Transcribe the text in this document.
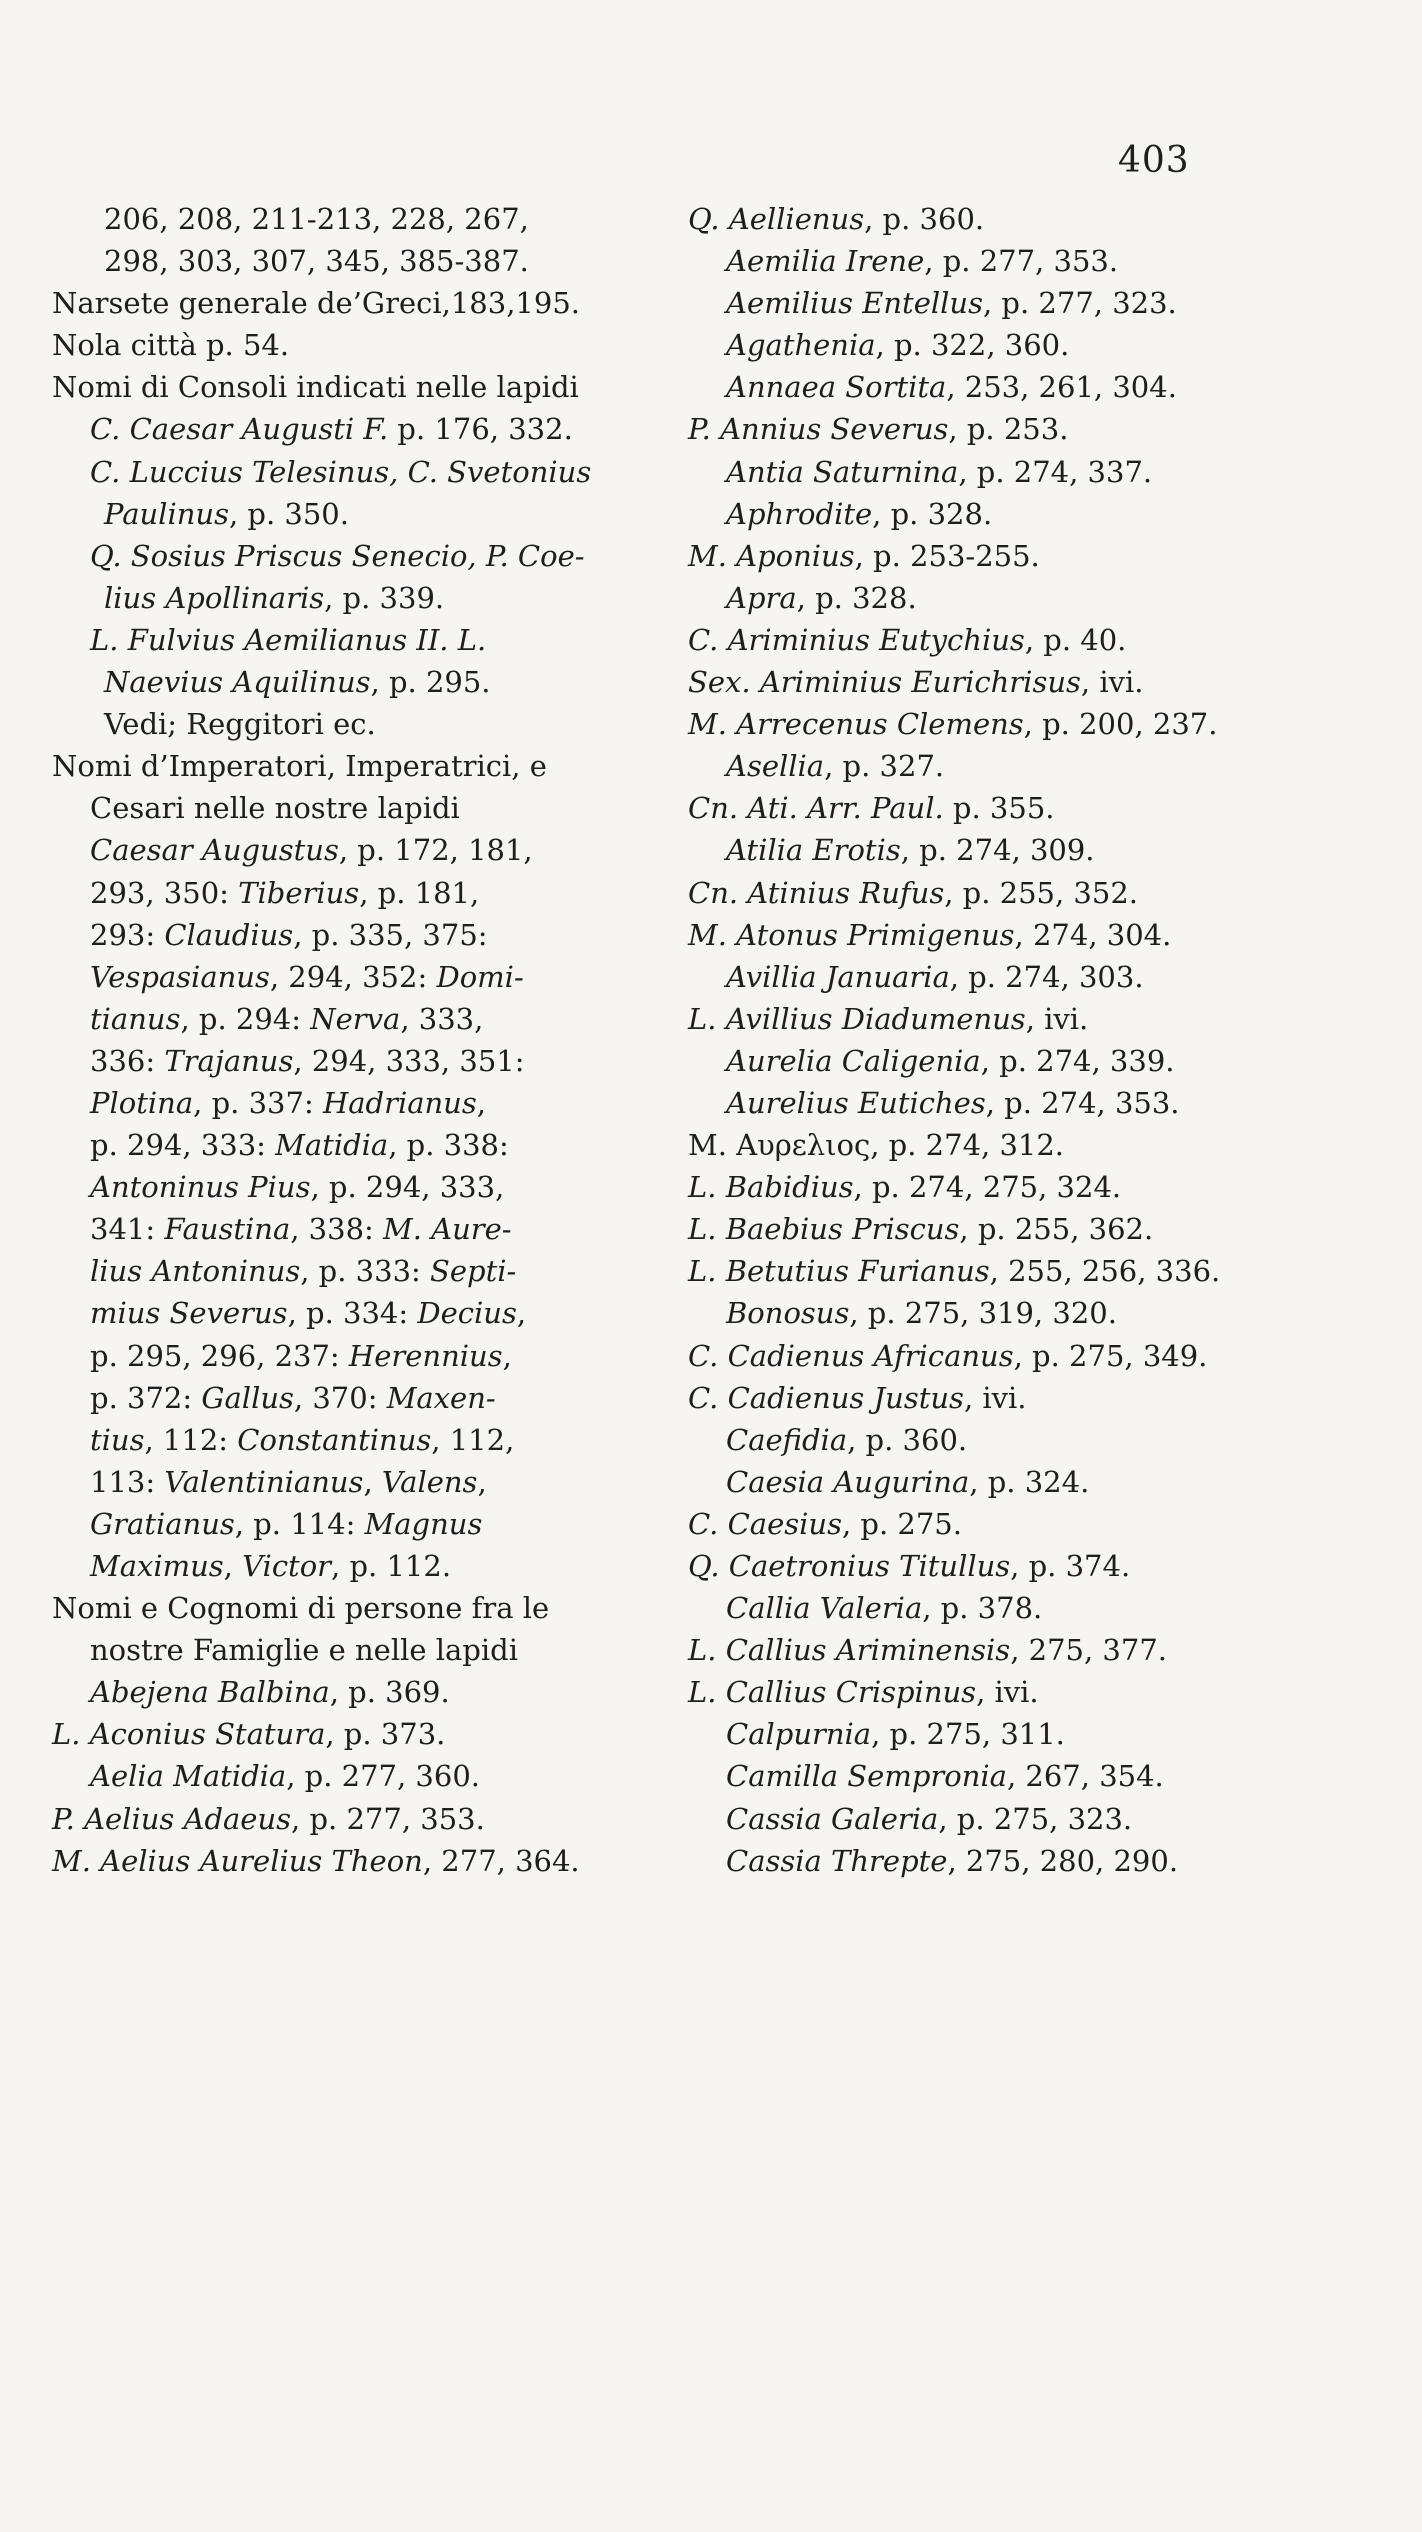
403
206, 208, 211-213, 228, 267,
298, 303, 307, 345, 385-387.
Narsete generale de’Greci,183,195.
Nola città p. 54.
Nomi di Consoli indicati nelle lapidi
C. Caesar Augusti F. p. 176, 332.
C. Luccius Telesinus, C. Svetonius
Paulinus, p. 350.
Q. Sosius Priscus Senecio, P. Coe-
lius Apollinaris, p. 339.
L. Fulvius Aemilianus II. L.
Naevius Aquilinus, p. 295.
Vedi; Reggitori ec.
Nomi d’Imperatori, Imperatrici, e
Cesari nelle nostre lapidi
Caesar Augustus, p. 172, 181,
293, 350: Tiberius, p. 181,
293: Claudius, p. 335, 375:
Vespasianus, 294, 352: Domi-
tianus, p. 294: Nerva, 333,
336: Trajanus, 294, 333, 351:
Plotina, p. 337: Hadrianus,
p. 294, 333: Matidia, p. 338:
Antoninus Pius, p. 294, 333,
341: Faustina, 338: M. Aure-
lius Antoninus, p. 333: Septi-
mius Severus, p. 334: Decius,
p. 295, 296, 237: Herennius,
p. 372: Gallus, 370: Maxen-
tius, 112: Constantinus, 112,
113: Valentinianus, Valens,
Gratianus, p. 114: Magnus
Maximus, Victor, p. 112.
Nomi e Cognomi di persone fra le
nostre Famiglie e nelle lapidi
Abejena Balbina, p. 369.
L. Aconius Statura, p. 373.
Aelia Matidia, p. 277, 360.
P. Aelius Adaeus, p. 277, 353.
M. Aelius Aurelius Theon, 277, 364.
Q. Aellienus, p. 360.
Aemilia Irene, p. 277, 353.
Aemilius Entellus, p. 277, 323.
Agathenia, p. 322, 360.
Annaea Sortita, 253, 261, 304.
P. Annius Severus, p. 253.
Antia Saturnina, p. 274, 337.
Aphrodite, p. 328.
M. Aponius, p. 253-255.
Apra, p. 328.
C. Ariminius Eutychius, p. 40.
Sex. Ariminius Eurichrisus, ivi.
M. Arrecenus Clemens, p. 200, 237.
Asellia, p. 327.
Cn. Ati. Arr. Paul. p. 355.
Atilia Erotis, p. 274, 309.
Cn. Atinius Rufus, p. 255, 352.
M. Atonus Primigenus, 274, 304.
Avillia Januaria, p. 274, 303.
L. Avillius Diadumenus, ivi.
Aurelia Caligenia, p. 274, 339.
Aurelius Eutiches, p. 274, 353.
M. Αυρελιος, p. 274, 312.
L. Babidius, p. 274, 275, 324.
L. Baebius Priscus, p. 255, 362.
L. Betutius Furianus, 255, 256, 336.
Bonosus, p. 275, 319, 320.
C. Cadienus Africanus, p. 275, 349.
C. Cadienus Justus, ivi.
Caefidia, p. 360.
Caesia Augurina, p. 324.
C. Caesius, p. 275.
Q. Caetronius Titullus, p. 374.
Callia Valeria, p. 378.
L. Callius Ariminensis, 275, 377.
L. Callius Crispinus, ivi.
Calpurnia, p. 275, 311.
Camilla Sempronia, 267, 354.
Cassia Galeria, p. 275, 323.
Cassia Threpte, 275, 280, 290.
